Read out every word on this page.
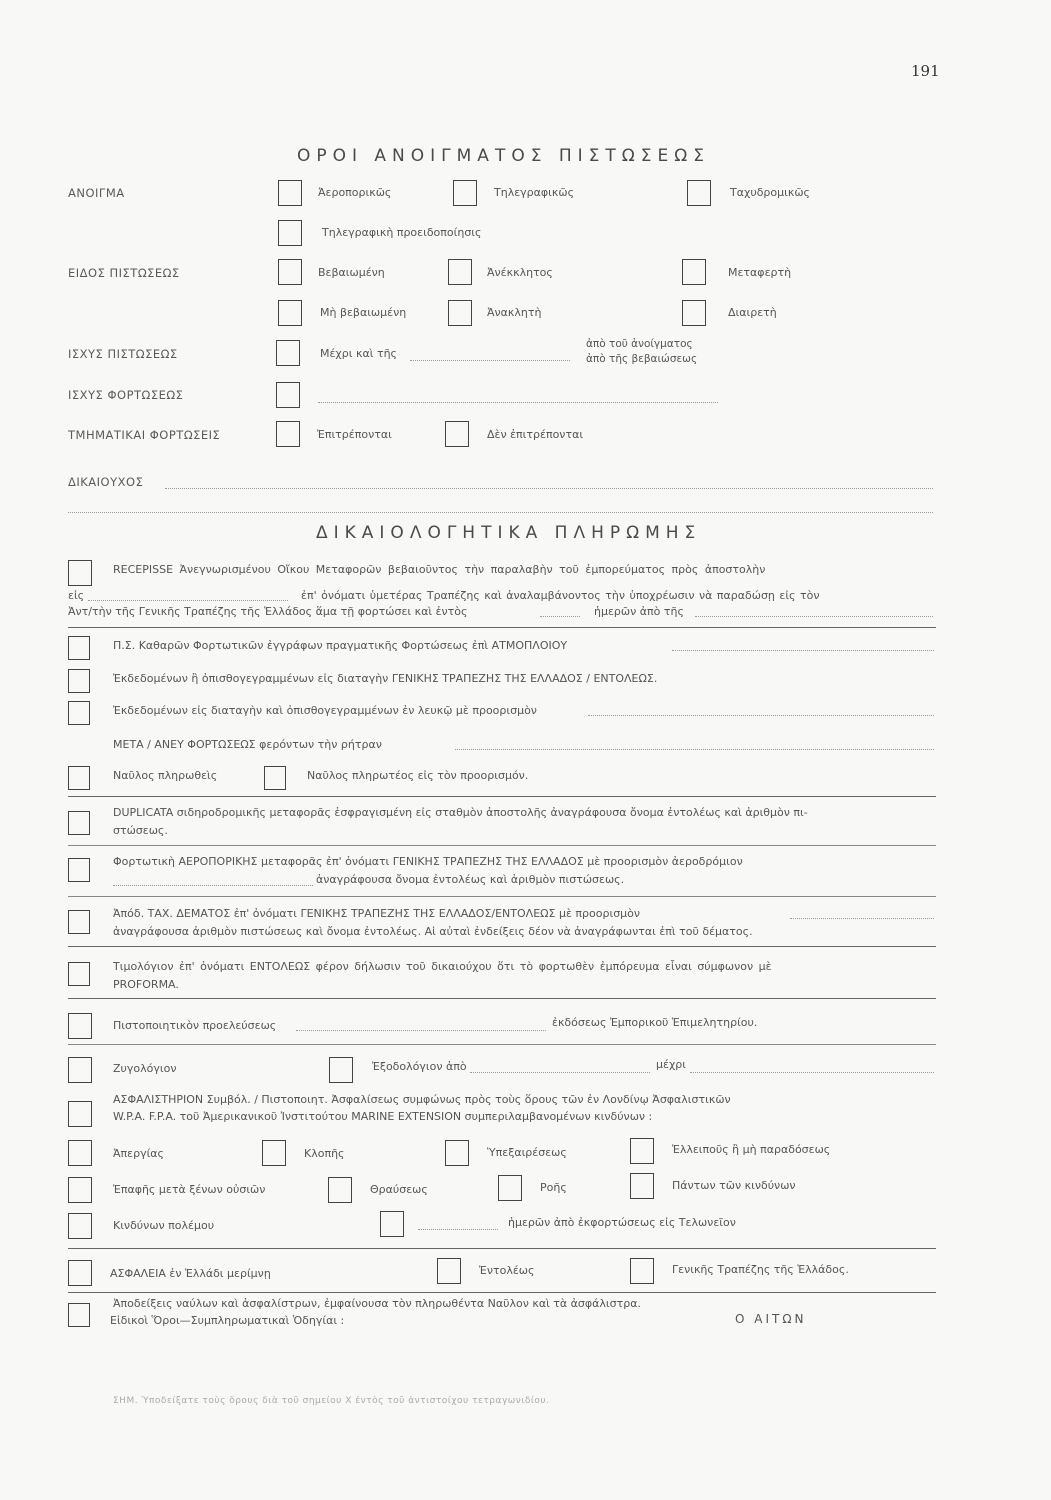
191
ΟΡΟΙ ΑΝΟΙΓΜΑΤΟΣ ΠΙΣΤΩΣΕΩΣ
ΑΝΟΙΓΜΑ	Ἀεροπορικῶς	Τηλεγραφικῶς	Ταχυδρομικῶς
Τηλεγραφικὴ προειδοποίησις
ΕΙΔΟΣ ΠΙΣΤΩΣΕΩΣ	Βεβαιωμένη	Ἀνέκκλητος	Μεταφερτὴ
Μὴ βεβαιωμένη	Ἀνακλητὴ	Διαιρετὴ
ΙΣΧΥΣ ΠΙΣΤΩΣΕΩΣ	Μέχρι καὶ τῆς
ἀπὸ τοῦ ἀνοίγματος
ἀπὸ τῆς βεβαιώσεως
ΙΣΧΥΣ ΦΟΡΤΩΣΕΩΣ
ΤΜΗΜΑΤΙΚΑΙ ΦΟΡΤΩΣΕΙΣ	Ἐπιτρέπονται	Δὲν ἐπιτρέπονται
ΔΙΚΑΙΟΥΧΟΣ
ΔΙΚΑΙΟΛΟΓΗΤΙΚΑ ΠΛΗΡΩΜΗΣ
RECEPISSE Ἀνεγνωρισμένου Οἴκου Μεταφορῶν βεβαιοῦντος τὴν παραλαβὴν τοῦ ἐμπορεύματος πρὸς ἀποστολὴν
εἰς	ἐπ' ὀνόματι ὑμετέρας Τραπέζης καὶ ἀναλαμβάνοντος τὴν ὑποχρέωσιν νὰ παραδώσῃ εἰς τὸν
Ἀντ/τὴν τῆς Γενικῆς Τραπέζης τῆς Ἑλλάδος ἅμα τῇ φορτώσει καὶ ἐντὸς	ἡμερῶν ἀπὸ τῆς
Π.Σ. Καθαρῶν Φορτωτικῶν ἐγγράφων πραγματικῆς Φορτώσεως ἐπὶ ΑΤΜΟΠΛΟΙΟΥ
Ἐκδεδομένων ἢ ὀπισθογεγραμμένων εἰς διαταγὴν ΓΕΝΙΚΗΣ ΤΡΑΠΕΖΗΣ ΤΗΣ ΕΛΛΑΔΟΣ / ΕΝΤΟΛΕΩΣ.
Ἐκδεδομένων εἰς διαταγὴν καὶ ὀπισθογεγραμμένων ἐν λευκῷ μὲ προορισμὸν
ΜΕΤΑ / ΑΝΕΥ ΦΟΡΤΩΣΕΩΣ φερόντων τὴν ρήτραν
Ναῦλος πληρωθεὶς	Ναῦλος πληρωτέος εἰς τὸν προορισμόν.
DUPLICATA σιδηροδρομικῆς μεταφορᾶς ἐσφραγισμένη εἰς σταθμὸν ἀποστολῆς ἀναγράφουσα ὄνομα ἐντολέως καὶ ἀριθμὸν πι-
στώσεως.
Φορτωτικὴ ΑΕΡΟΠΟΡΙΚΗΣ μεταφορᾶς ἐπ' ὀνόματι ΓΕΝΙΚΗΣ ΤΡΑΠΕΖΗΣ ΤΗΣ ΕΛΛΑΔΟΣ μὲ προορισμὸν ἀεροδρόμιον
ἀναγράφουσα ὄνομα ἐντολέως καὶ ἀριθμὸν πιστώσεως.
Ἀπόδ. ΤΑΧ. ΔΕΜΑΤΟΣ ἐπ' ὀνόματι ΓΕΝΙΚΗΣ ΤΡΑΠΕΖΗΣ ΤΗΣ ΕΛΛΑΔΟΣ/ΕΝΤΟΛΕΩΣ μὲ προορισμὸν
ἀναγράφουσα ἀριθμὸν πιστώσεως καὶ ὄνομα ἐντολέως. Αἱ αὐταὶ ἐνδείξεις δέον νὰ ἀναγράφωνται ἐπὶ τοῦ δέματος.
Τιμολόγιον ἐπ' ὀνόματι ΕΝΤΟΛΕΩΣ φέρον δήλωσιν τοῦ δικαιούχου ὅτι τὸ φορτωθὲν ἐμπόρευμα εἶναι σύμφωνον μὲ
PROFORMA.
Πιστοποιητικὸν προελεύσεως	ἐκδόσεως Ἐμπορικοῦ Ἐπιμελητηρίου.
Ζυγολόγιον	Ἐξοδολόγιον ἀπὸ	μέχρι
ΑΣΦΑΛΙΣΤΗΡΙΟΝ Συμβόλ. / Πιστοποιητ. Ἀσφαλίσεως συμφώνως πρὸς τοὺς ὅρους τῶν ἐν Λονδίνῳ Ἀσφαλιστικῶν
W.P.A. F.P.A. τοῦ Ἀμερικανικοῦ Ἰνστιτούτου MARINE EXTENSION συμπεριλαμβανομένων κινδύνων :
Ἀπεργίας	Κλοπῆς	Ὑπεξαιρέσεως	Ἐλλειποῦς ἢ μὴ παραδόσεως
Ἐπαφῆς μετὰ ξένων οὐσιῶν	Θραύσεως	Ροῆς	Πάντων τῶν κινδύνων
Κινδύνων πολέμου	ἡμερῶν ἀπὸ ἐκφορτώσεως εἰς Τελωνεῖον
ΑΣΦΑΛΕΙΑ ἐν Ἑλλάδι μερίμνῃ	Ἐντολέως	Γενικῆς Τραπέζης τῆς Ἑλλάδος.
Ἀποδείξεις ναύλων καὶ ἀσφαλίστρων, ἐμφαίνουσα τὸν πληρωθέντα Ναῦλον καὶ τὰ ἀσφάλιστρα.
Εἰδικοὶ Ὅροι—Συμπληρωματικαὶ Ὁδηγίαι :	Ο ΑΙΤΩΝ
ΣΗΜ. Ὑποδείξατε τοὺς ὅρους διὰ τοῦ σημείου Χ ἐντὸς τοῦ ἀντιστοίχου τετραγωνιδίου.
